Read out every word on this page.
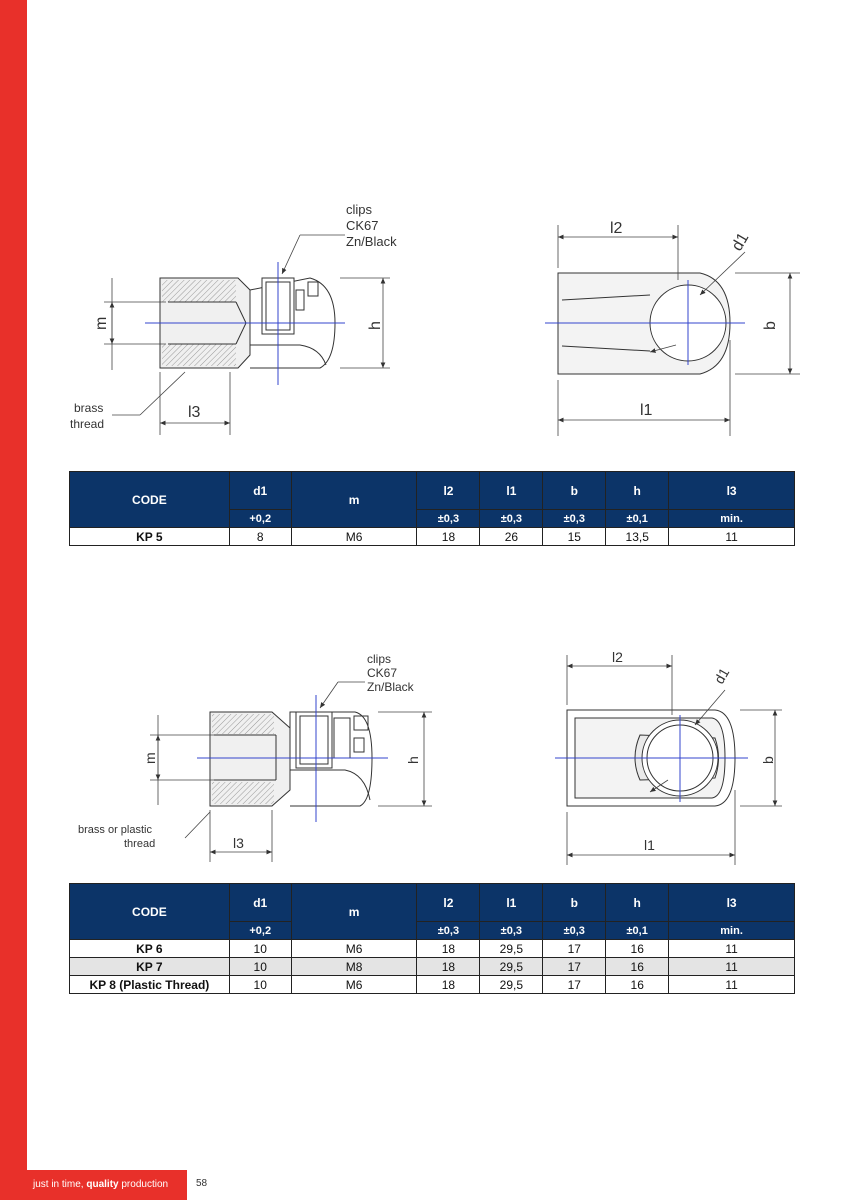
clips
CK67
Zn/Black
brass
thread
m	h
l3
l2
l1
d1
b
clips
CK67
Zn/Black
brass or plastic
thread
m	h
l3
l2
l1
d1
b
CODE	d1	m	l2	l1	b	h	l3
	+0,2		±0,3	±0,3	±0,3	±0,1	min.
KP 5	8	M6	18	26	15	13,5	11
CODE	d1	m	l2	l1	b	h	l3
	+0,2		±0,3	±0,3	±0,3	±0,1	min.
KP 6	10	M6	18	29,5	17	16	11
KP 7	10	M8	18	29,5	17	16	11
KP 8 (Plastic Thread)	10	M6	18	29,5	17	16	11
just in time, quality production	58
